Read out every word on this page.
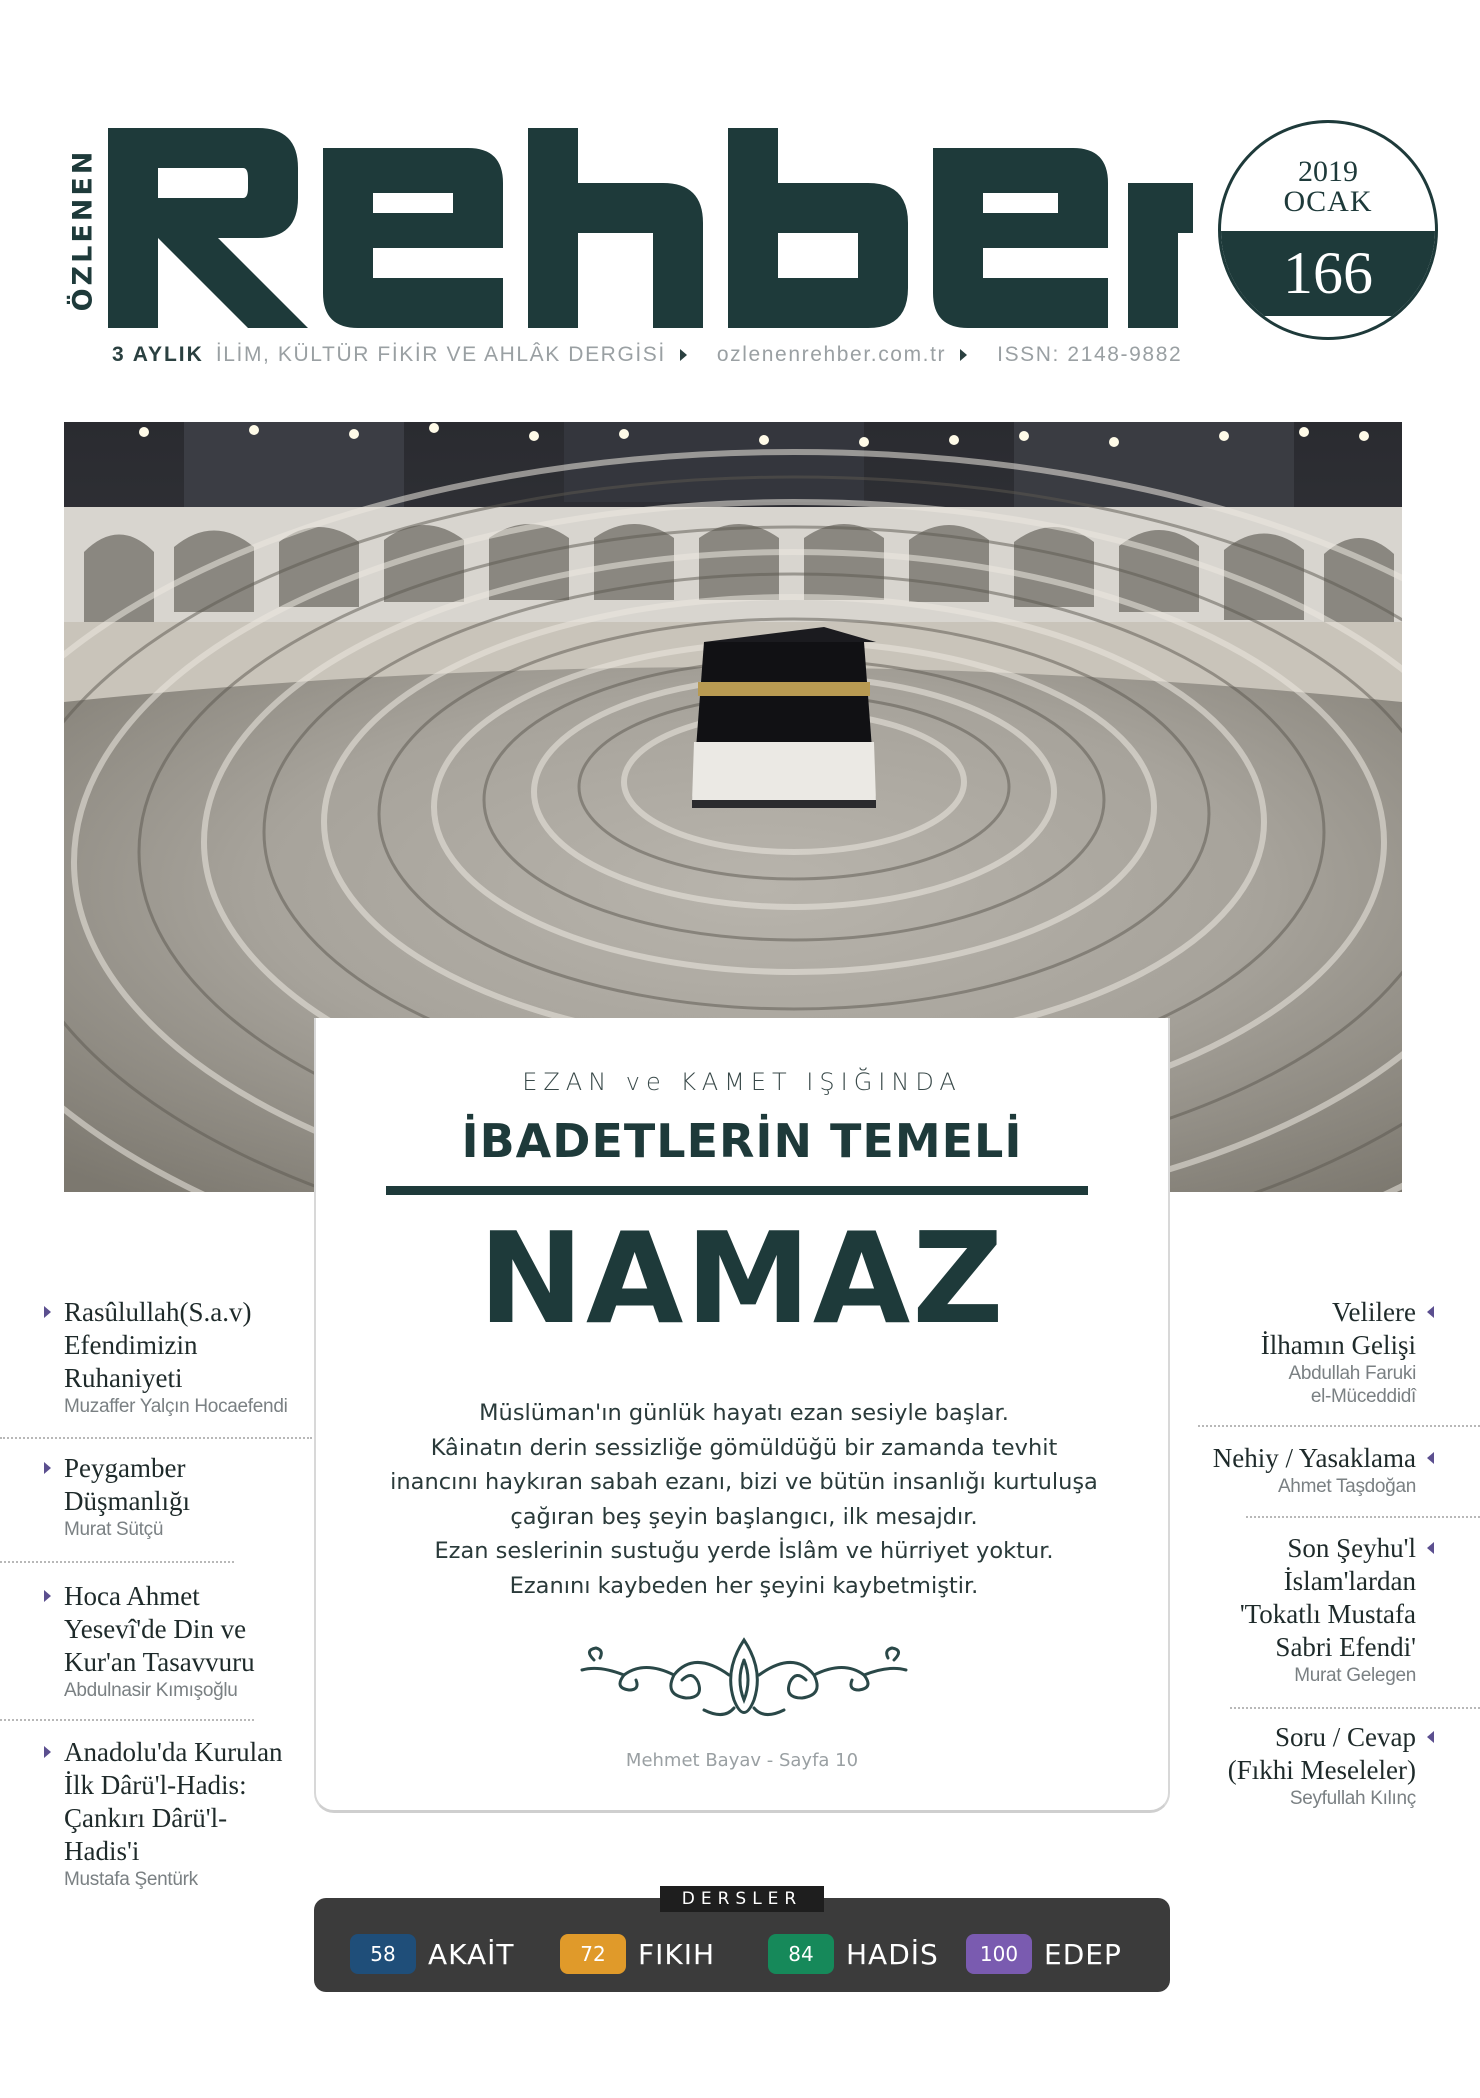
ÖZLENEN
3 AYLIK İLİM, KÜLTÜR FİKİR VE AHLÂK DERGİSİ ozlenenrehber.com.tr ISSN: 2148-9882
2019
OCAK
166
EZAN ve KAMET IŞIĞINDA
İBADETLERİN TEMELİ
NAMAZ
Müslüman'ın günlük hayatı ezan sesiyle başlar.
Kâinatın derin sessizliğe gömüldüğü bir zamanda tevhit
inancını haykıran sabah ezanı, bizi ve bütün insanlığı kurtuluşa
çağıran beş şeyin başlangıcı, ilk mesajdır.
Ezan seslerinin sustuğu yerde İslâm ve hürriyet yoktur.
Ezanını kaybeden her şeyini kaybetmiştir.
Mehmet Bayav - Sayfa 10
Rasûlullah(S.a.v)
Efendimizin
Ruhaniyeti
Muzaffer Yalçın Hocaefendi
Peygamber
Düşmanlığı
Murat Sütçü
Hoca Ahmet
Yesevî'de Din ve
Kur'an Tasavvuru
Abdulnasir Kımışoğlu
Anadolu'da Kurulan
İlk Dârü'l-Hadis:
Çankırı Dârü'l-
Hadis'i
Mustafa Şentürk
Velilere
İlhamın Gelişi
Abdullah Faruki
el-Müceddidî
Nehiy / Yasaklama
Ahmet Taşdoğan
Son Şeyhu'l
İslam'lardan
'Tokatlı Mustafa
Sabri Efendi'
Murat Gelegen
Soru / Cevap
(Fıkhi Meseleler)
Seyfullah Kılınç
DERSLER
58	AKAİT	72	FIKIH	84	HADİS	100 EDEP
